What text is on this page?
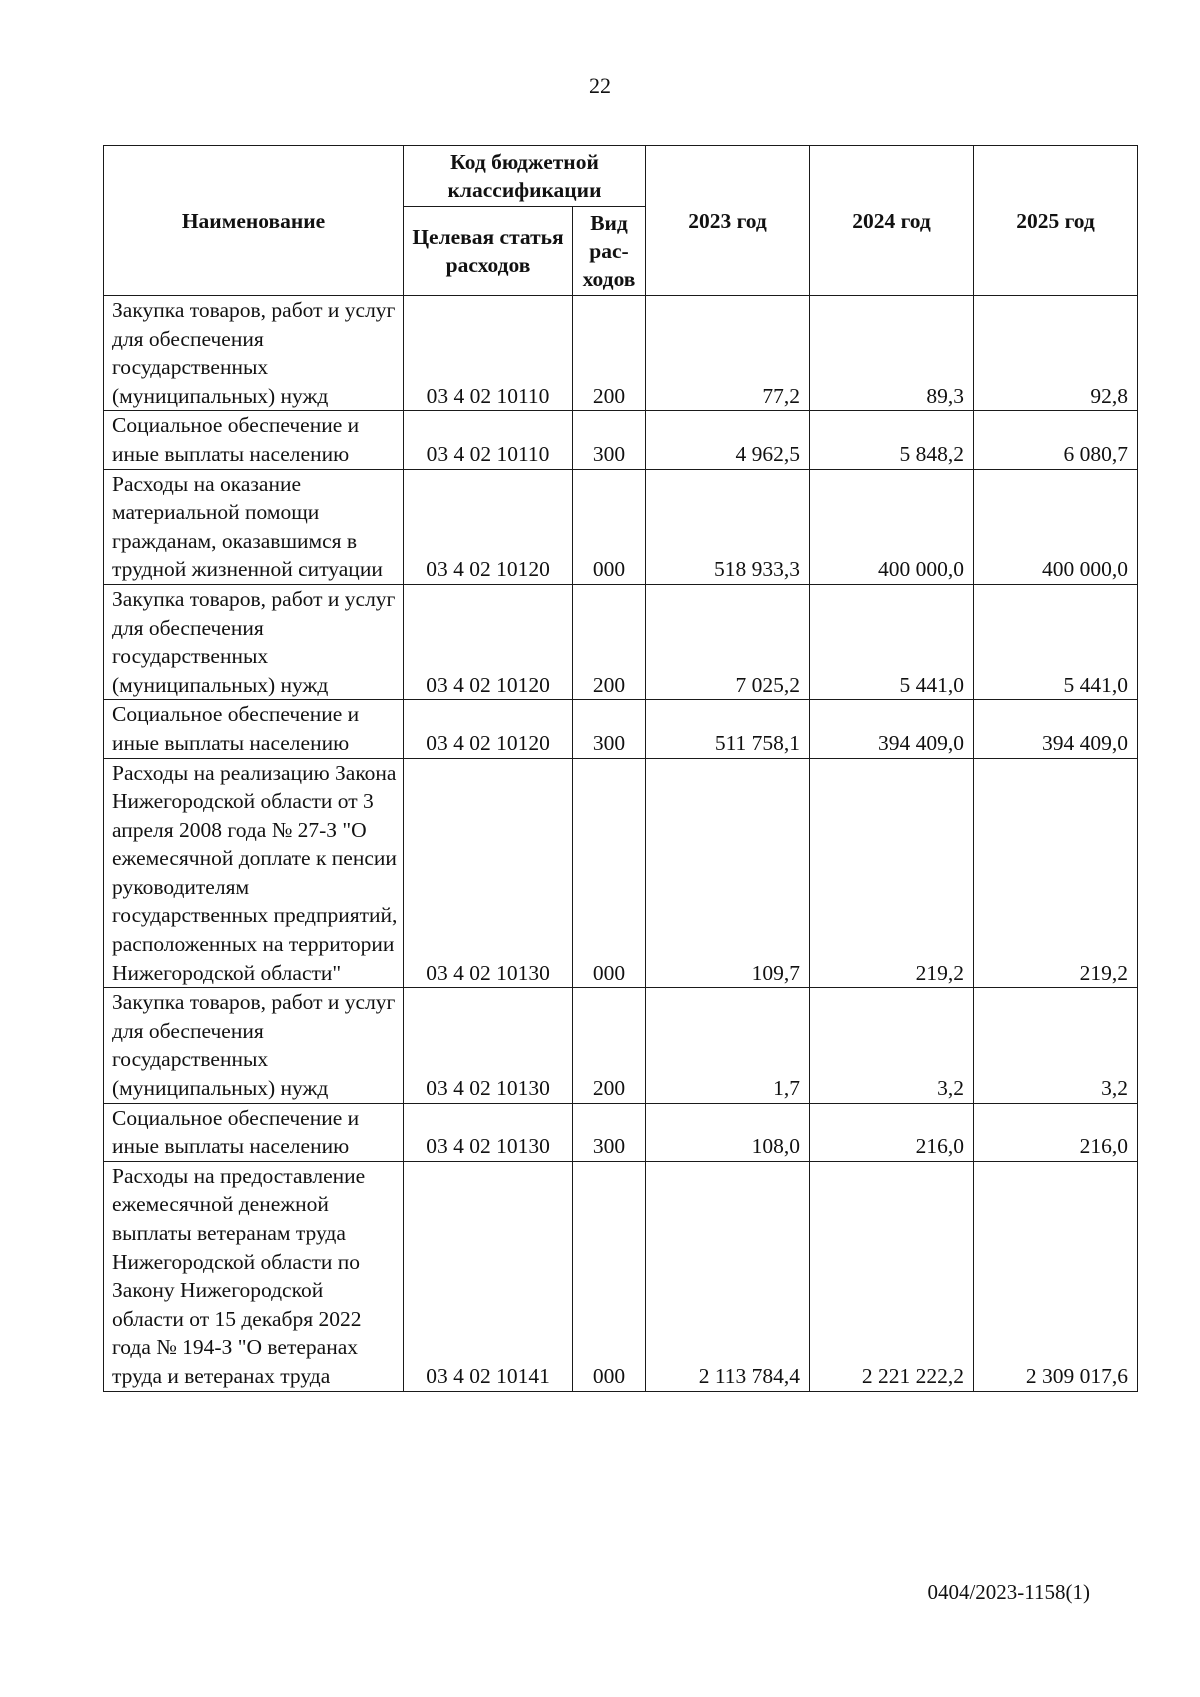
22
Наименование	Код бюджетной классификации		2023 год	2024 год	2025 год
	Целевая статья расходов	Вид рас-ходов			
Закупка товаров, работ и услуг для обеспечения государственных (муниципальных) нужд	03 4 02 10110	200	77,2	89,3	92,8
Социальное обеспечение и иные выплаты населению	03 4 02 10110	300	4 962,5	5 848,2	6 080,7
Расходы на оказание материальной помощи гражданам, оказавшимся в трудной жизненной ситуации	03 4 02 10120	000	518 933,3	400 000,0	400 000,0
Закупка товаров, работ и услуг для обеспечения государственных (муниципальных) нужд	03 4 02 10120	200	7 025,2	5 441,0	5 441,0
Социальное обеспечение и иные выплаты населению	03 4 02 10120	300	511 758,1	394 409,0	394 409,0
Расходы на реализацию Закона Нижегородской области от 3 апреля 2008 года № 27-З "О ежемесячной доплате к пенсии руководителям государственных предприятий, расположенных на территории Нижегородской области"	03 4 02 10130	000	109,7	219,2	219,2
Закупка товаров, работ и услуг для обеспечения государственных (муниципальных) нужд	03 4 02 10130	200	1,7	3,2	3,2
Социальное обеспечение и иные выплаты населению	03 4 02 10130	300	108,0	216,0	216,0
Расходы на предоставление ежемесячной денежной выплаты ветеранам труда Нижегородской области по Закону Нижегородской области от 15 декабря 2022 года № 194-З "О ветеранах труда и ветеранах труда	03 4 02 10141	000	2 113 784,4	2 221 222,2	2 309 017,6
0404/2023-1158(1)
